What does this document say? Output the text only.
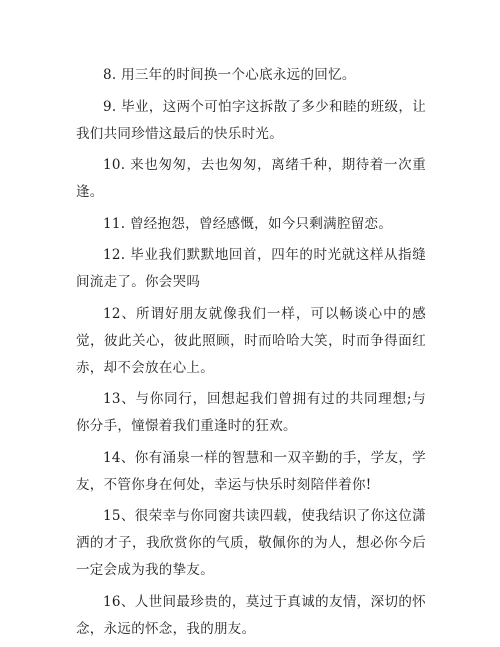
8. 用三年的时间换一个心底永远的回忆。

9. 毕业，这两个可怕字这拆散了多少和睦的班级，让我们共同珍惜这最后的快乐时光。

10. 来也匆匆，去也匆匆，离绪千种，期待着一次重逢。

11. 曾经抱怨，曾经感慨，如今只剩满腔留恋。

12. 毕业我们默默地回首，四年的时光就这样从指缝间流走了。你会哭吗

12、所谓好朋友就像我们一样，可以畅谈心中的感觉，彼此关心，彼此照顾，时而哈哈大笑，时而争得面红赤，却不会放在心上。

13、与你同行，回想起我们曾拥有过的共同理想;与你分手，憧憬着我们重逢时的狂欢。

14、你有涌泉一样的智慧和一双辛勤的手，学友，学友，不管你身在何处，幸运与快乐时刻陪伴着你!

15、很荣幸与你同窗共读四载，使我结识了你这位潇洒的才子，我欣赏你的气质，敬佩你的为人，想必你今后一定会成为我的挚友。

16、人世间最珍贵的，莫过于真诚的友情，深切的怀念，永远的怀念，我的朋友。
